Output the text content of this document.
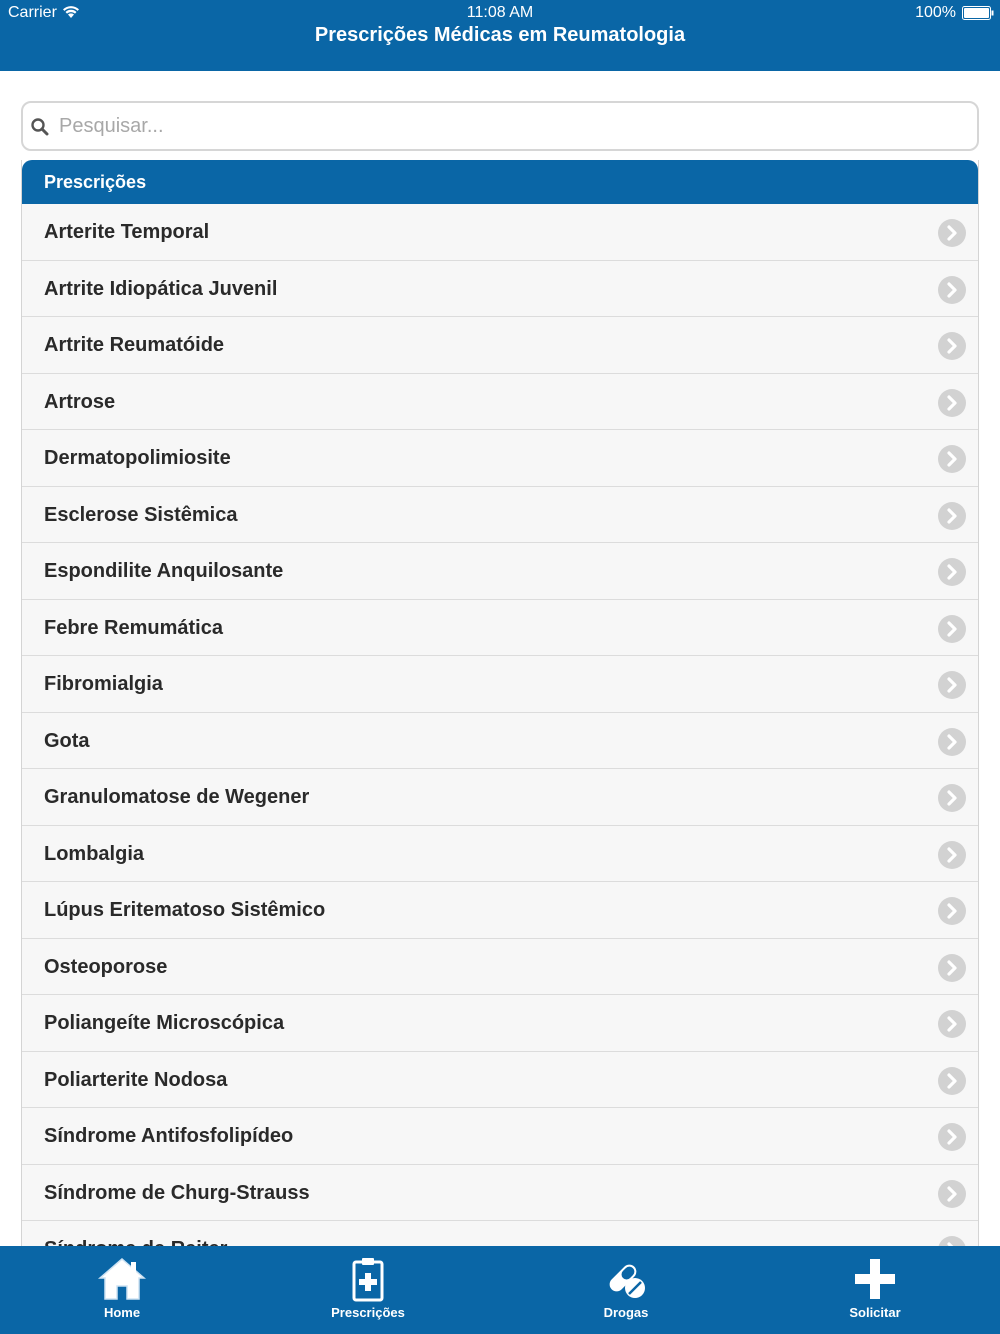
Carrier	11:08 AM	100%
Prescrições Médicas em Reumatologia
Pesquisar...
Prescrições
Arterite Temporal
Artrite Idiopática Juvenil
Artrite Reumatóide
Artrose
Dermatopolimiosite
Esclerose Sistêmica
Espondilite Anquilosante
Febre Remumática
Fibromialgia
Gota
Granulomatose de Wegener
Lombalgia
Lúpus Eritematoso Sistêmico
Osteoporose
Poliangeíte Microscópica
Poliarterite Nodosa
Síndrome Antifosfolipídeo
Síndrome de Churg-Strauss
Home	Prescrições	Drogas	Solicitar
